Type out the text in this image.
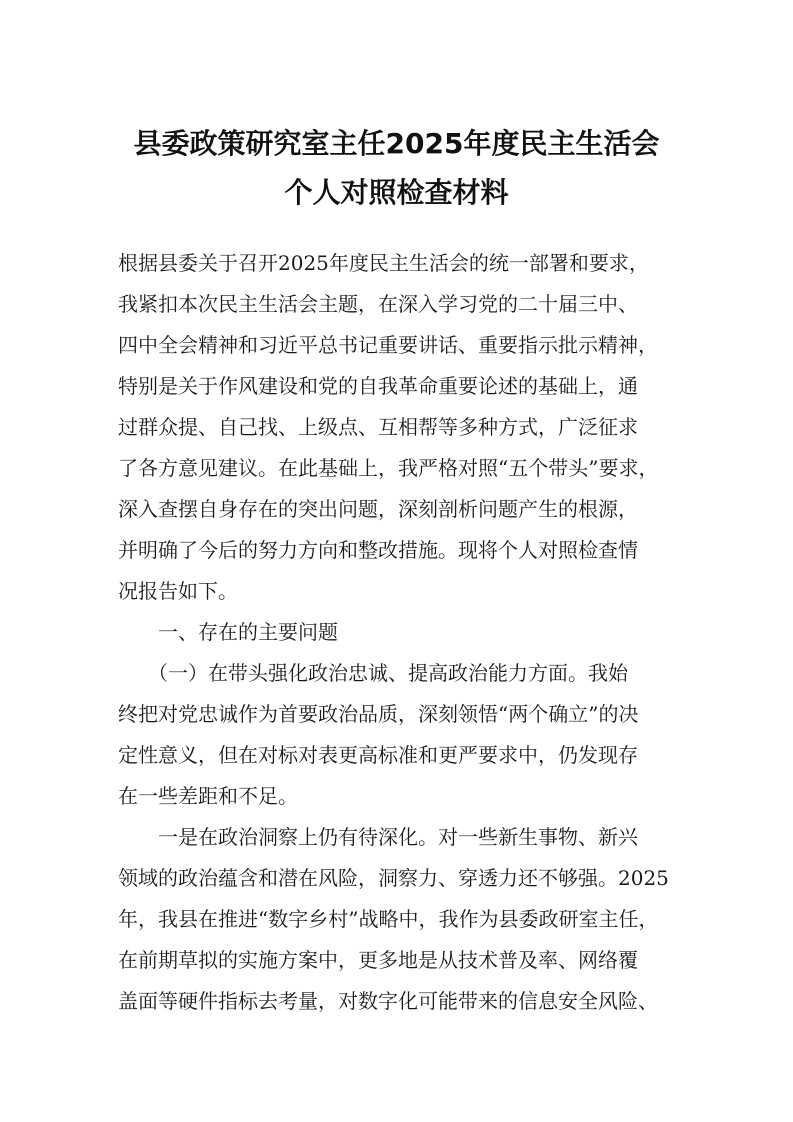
县委政策研究室主任2025年度民主生活会
个人对照检查材料
根据县委关于召开2025年度民主生活会的统一部署和要求，
我紧扣本次民主生活会主题，在深入学习党的二十届三中、
四中全会精神和习近平总书记重要讲话、重要指示批示精神，
特别是关于作风建设和党的自我革命重要论述的基础上，通
过群众提、自己找、上级点、互相帮等多种方式，广泛征求
了各方意见建议。在此基础上，我严格对照“五个带头”要求，
深入查摆自身存在的突出问题，深刻剖析问题产生的根源，
并明确了今后的努力方向和整改措施。现将个人对照检查情
况报告如下。
一、存在的主要问题
（一）在带头强化政治忠诚、提高政治能力方面。我始
终把对党忠诚作为首要政治品质，深刻领悟“两个确立”的决
定性意义，但在对标对表更高标准和更严要求中，仍发现存
在一些差距和不足。
一是在政治洞察上仍有待深化。对一些新生事物、新兴
领域的政治蕴含和潜在风险，洞察力、穿透力还不够强。2025
年，我县在推进“数字乡村”战略中，我作为县委政研室主任，
在前期草拟的实施方案中，更多地是从技术普及率、网络覆
盖面等硬件指标去考量，对数字化可能带来的信息安全风险、
